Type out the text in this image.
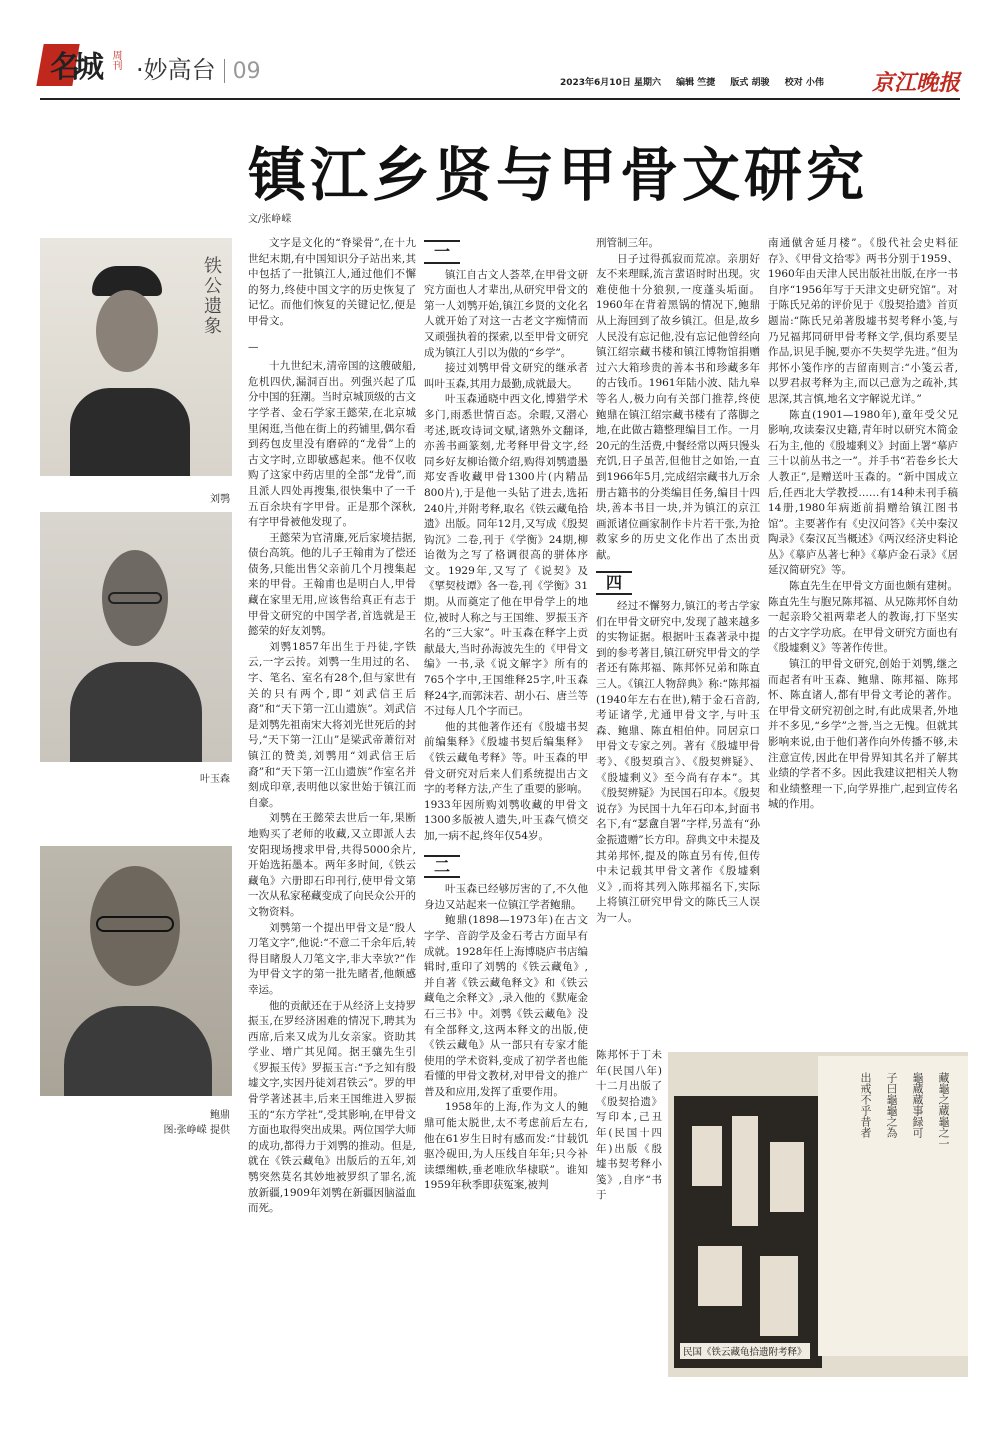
名城 周刊 ·妙高台 09	2023年6月10日 星期六 编辑 竺捷 版式 胡骏 校对 小伟	京江晚报
镇江乡贤与甲骨文研究
文/张峥嵘
铁公遗象
刘鹗
叶玉森
鲍鼎
图:张峥嵘 提供

文字是文化的“脊梁骨”,在十九世纪末期,有中国知识分子站出来,其中包括了一批镇江人,通过他们不懈的努力,终使中国文字的历史恢复了记忆。而他们恢复的关键记忆,便是甲骨文。

—

十九世纪末,清帝国的这艘破船,危机四伏,漏洞百出。列强兴起了瓜分中国的狂潮。当时京城顶级的古文字学者、金石学家王懿荣,在北京城里闲逛,当他在街上的药铺里,偶尔看到药包皮里没有磨碎的“龙骨”上的古文字时,立即敏感起来。他不仅收购了这家中药店里的全部“龙骨”,而且派人四处再搜集,很快集中了一千五百余块有字甲骨。正是那个深秋,有字甲骨被他发现了。

王懿荣为官清廉,死后家境拮据,债台高筑。他的儿子王翰甫为了偿还债务,只能出售父亲前几个月搜集起来的甲骨。王翰甫也是明白人,甲骨藏在家里无用,应该售给真正有志于甲骨文研究的中国学者,首选就是王懿荣的好友刘鹗。

刘鹗1857年出生于丹徒,字铁云,一字云抟。刘鹗一生用过的名、字、笔名、室名有28个,但与家世有关的只有两个,即“刘武信王后裔”和“天下第一江山遗族”。刘武信是刘鹗先祖南宋大将刘光世死后的封号,“天下第一江山”是梁武帝萧衍对镇江的赞美,刘鹗用“刘武信王后裔”和“天下第一江山遗族”作室名并刻成印章,表明他以家世始于镇江而自豪。

刘鹗在王懿荣去世后一年,果断地购买了老师的收藏,又立即派人去安阳现场搜求甲骨,共得5000余片,开始选拓墨本。两年多时间,《铁云藏龟》六册即石印刊行,使甲骨文第一次从私家秘藏变成了向民众公开的文物资料。

刘鹗第一个提出甲骨文是“殷人刀笔文字”,他说:“不意二千余年后,转得目睹殷人刀笔文字,非大幸欤?”作为甲骨文字的第一批先睹者,他颇感幸运。

他的贡献还在于从经济上支持罗振玉,在罗经济困难的情况下,聘其为西席,后来又成为儿女亲家。资助其学业、增广其见闻。据王骧先生引《罗振玉传》罗振玉言:“予之知有殷墟文字,实因丹徒刘君铁云”。罗的甲骨学著述甚丰,后来王国维进入罗振玉的“东方学社”,受其影响,在甲骨文方面也取得突出成果。两位国学大师的成功,都得力于刘鹗的推动。但是,就在《铁云藏龟》出版后的五年,刘鹗突然莫名其妙地被罗织了罪名,流放新疆,1909年刘鹗在新疆因脑溢血而死。

一

镇江自古文人荟萃,在甲骨文研究方面也人才辈出,从研究甲骨文的第一人刘鹗开始,镇江乡贤的文化名人就开始了对这一古老文字痴情而又顽强执着的探索,以至甲骨文研究成为镇江人引以为傲的“乡学”。

接过刘鹗甲骨文研究的继承者叫叶玉森,其用力最勤,成就最大。

叶玉森通晓中西文化,博猎学术多门,雨悉世情百态。余暇,又潜心考述,既攻诗词文赋,诸熟外文翻译,亦善书画篆刻,尤考释甲骨文字,经同乡好友柳诒徵介绍,购得刘鹗遗墨郑安香收藏甲骨1300片(内精品800片),于是他一头钻了进去,选拓240片,并附考释,取名《铁云藏龟拾遗》出版。同年12月,又写成《殷契钩沉》二卷,刊于《学衡》24期,柳诒徵为之写了格调很高的骈体序文。1929年,又写了《说契》及《揅契枝谭》各一卷,刊《学衡》31期。从而奠定了他在甲骨学上的地位,被时人称之与王国维、罗振玉齐名的“三大家”。叶玉森在释字上贡献最大,当时孙海波先生的《甲骨文编》一书,录《说文解字》所有的765个字中,王国维释25字,叶玉森释24字,而郭沫若、胡小石、唐兰等不过每人几个字而已。

他的其他著作还有《殷墟书契前编集释》《殷墟书契后编集释》《铁云藏龟考释》等。叶玉森的甲骨文研究对后来人们系统提出古文字的考释方法,产生了重要的影响。1933年因所购刘鹗收藏的甲骨文1300多版被人遗失,叶玉森气愤交加,一病不起,终年仅54岁。

二

叶玉森已经够厉害的了,不久他身边又站起来一位镇江学者鲍鼎。

鲍鼎(1898—1973年)在古文字学、音韵学及金石考古方面早有成就。1928年任上海博晓庐书店编辑时,重印了刘鹗的《铁云藏龟》,并自著《铁云藏龟释文》和《铁云藏龟之余释文》,录入他的《默庵金石三书》中。刘鹗《铁云藏龟》没有全部释文,这两本释文的出版,使《铁云藏龟》从一部只有专家才能使用的学术资料,变成了初学者也能看懂的甲骨文教材,对甲骨文的推广普及和应用,发挥了重要作用。

1958年的上海,作为文人的鲍鼎可能太脱世,太不考虑前后左右,他在61岁生日时有感而发:“廿载饥驱冷砚田,为人压线自年年;只今补读缥缃帙,垂老唯欣华棣联”。谁知1959年秋季即获冤案,被判

刑管制三年。

日子过得孤寂而荒凉。亲朋好友不来理睬,流言蜚语时时出现。灾难使他十分狼狈,一度蓬头垢面。1960年在背着黑锅的情况下,鲍鼎从上海回到了故乡镇江。但是,故乡人民没有忘记他,没有忘记他曾经向镇江绍宗藏书楼和镇江博物馆捐赠过六大箱珍贵的善本书和珍藏多年的古钱币。1961年陆小波、陆九皋等名人,极力向有关部门推荐,终使鲍鼎在镇江绍宗藏书楼有了落脚之地,在此做古籍整理编目工作。一月20元的生活费,中餐经常以两只馒头充饥,日子虽苦,但他甘之如饴,一直到1966年5月,完成绍宗藏书九万余册古籍书的分类编目任务,编目十四块,善本书目一块,并为镇江的京江画派诸位画家制作卡片若干张,为抢救家乡的历史文化作出了杰出贡献。

四

经过不懈努力,镇江的考古学家们在甲骨文研究中,发现了越来越多的实物证据。根据叶玉森著录中提到的参考著目,镇江研究甲骨文的学者还有陈邦福、陈邦怀兄弟和陈直三人。《镇江人物辞典》称:“陈邦福(1940年左右在世),精于金石音韵,考证诸学,尤通甲骨文字,与叶玉森、鲍鼎、陈直相伯仲。同居京口甲骨文专家之列。著有《殷墟甲骨考》、《殷契瑣言》、《殷契辨疑》、《殷墟剩义》至今尚有存本”。其《殷契辨疑》为民国石印本。《殷契说存》为民国十九年石印本,封面书名下,有“瑟盦自署”字样,另盖有“孙金振遗赠”长方印。辞典文中未提及其弟邦怀,提及的陈直另有传,但传中未记载其甲骨文著作《殷墟剩义》,而将其列入陈邦福名下,实际上将镇江研究甲骨文的陈氏三人误为一人。

陈邦怀于丁未年(民国八年)十二月出版了《殷契拾遗》写印本,己丑年(民国十四年)出版《殷墟书契考释小笺》,自序“书于

南通僦舍延月楼”。《殷代社会史料征存》、《甲骨文拾零》两书分别于1959、1960年由天津人民出版社出版,在序一书自序“1956年写于天津文史研究馆”。对于陈氏兄弟的评价见于《殷契拾遗》首页题耑:“陈氏兄弟著殷墟书契考释小笺,与乃兄福邦同研甲骨考释文学,俱均系要呈作品,识见手腕,要亦不失契学先进。”但为邦怀小笺作序的吉留南则言:“小笺云者,以罗君叔考释为主,而以己意为之疏补,其思深,其言慎,地名文字解说尤详。”

陈直(1901—1980年),童年受父兄影响,攻读秦汉史籍,青年时以研究木简金石为主,他的《殷墟剩义》封面上署“摹庐三十以前丛书之一”。并手书“若卷乡长大人教正”,是赠送叶玉森的。“新中国成立后,任西北大学教授……有14种未刊手稿14册,1980年病逝前捐赠给镇江图书馆”。主要著作有《史汉问答》《关中秦汉陶录》《秦汉瓦当概述》《两汉经济史料论丛》《摹庐丛著七种》《摹庐金石录》《居延汉简研究》等。

陈直先生在甲骨文方面也颇有建树。陈直先生与胞兄陈邦福、从兄陈邦怀自幼一起亲聆父祖两辈老人的教诲,打下坚实的古文字学功底。在甲骨文研究方面也有《殷墟剩义》等著作传世。

镇江的甲骨文研究,创始于刘鹗,继之而起者有叶玉森、鲍鼎、陈邦福、陈邦怀、陈直诸人,都有甲骨文考论的著作。在甲骨文研究初创之时,有此成果者,外地并不多见,“乡学”之誉,当之无愧。但就其影响来说,由于他们著作向外传播不够,未注意宣传,因此在甲骨界知其名并了解其业绩的学者不多。因此我建议把相关人物和业绩整理一下,向学界推广,起到宣传名城的作用。

藏龜之蔵龜之一
龜蔵蔵事録可
子曰龜龜之為
出戒不乎昔者
民国《铁云藏龟拾遗附考释》
